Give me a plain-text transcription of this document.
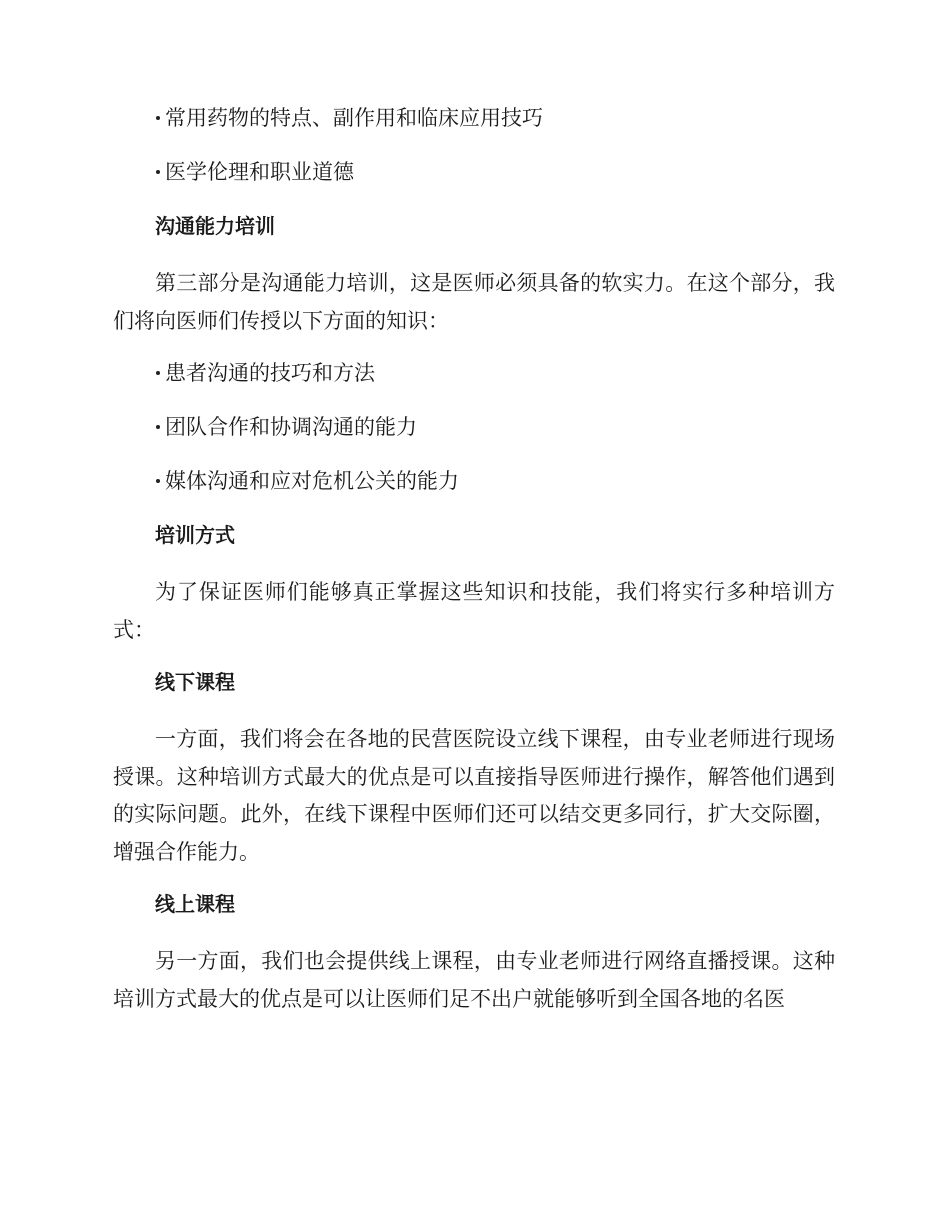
常用药物的特点、副作用和临床应用技巧
医学伦理和职业道德
沟通能力培训
第三部分是沟通能力培训，这是医师必须具备的软实力。在这个部分，我们将向医师们传授以下方面的知识：
患者沟通的技巧和方法
团队合作和协调沟通的能力
媒体沟通和应对危机公关的能力
培训方式
为了保证医师们能够真正掌握这些知识和技能，我们将实行多种培训方式：
线下课程
一方面，我们将会在各地的民营医院设立线下课程，由专业老师进行现场授课。这种培训方式最大的优点是可以直接指导医师进行操作，解答他们遇到的实际问题。此外，在线下课程中医师们还可以结交更多同行，扩大交际圈，增强合作能力。
线上课程
另一方面，我们也会提供线上课程，由专业老师进行网络直播授课。这种培训方式最大的优点是可以让医师们足不出户就能够听到全国各地的名医
